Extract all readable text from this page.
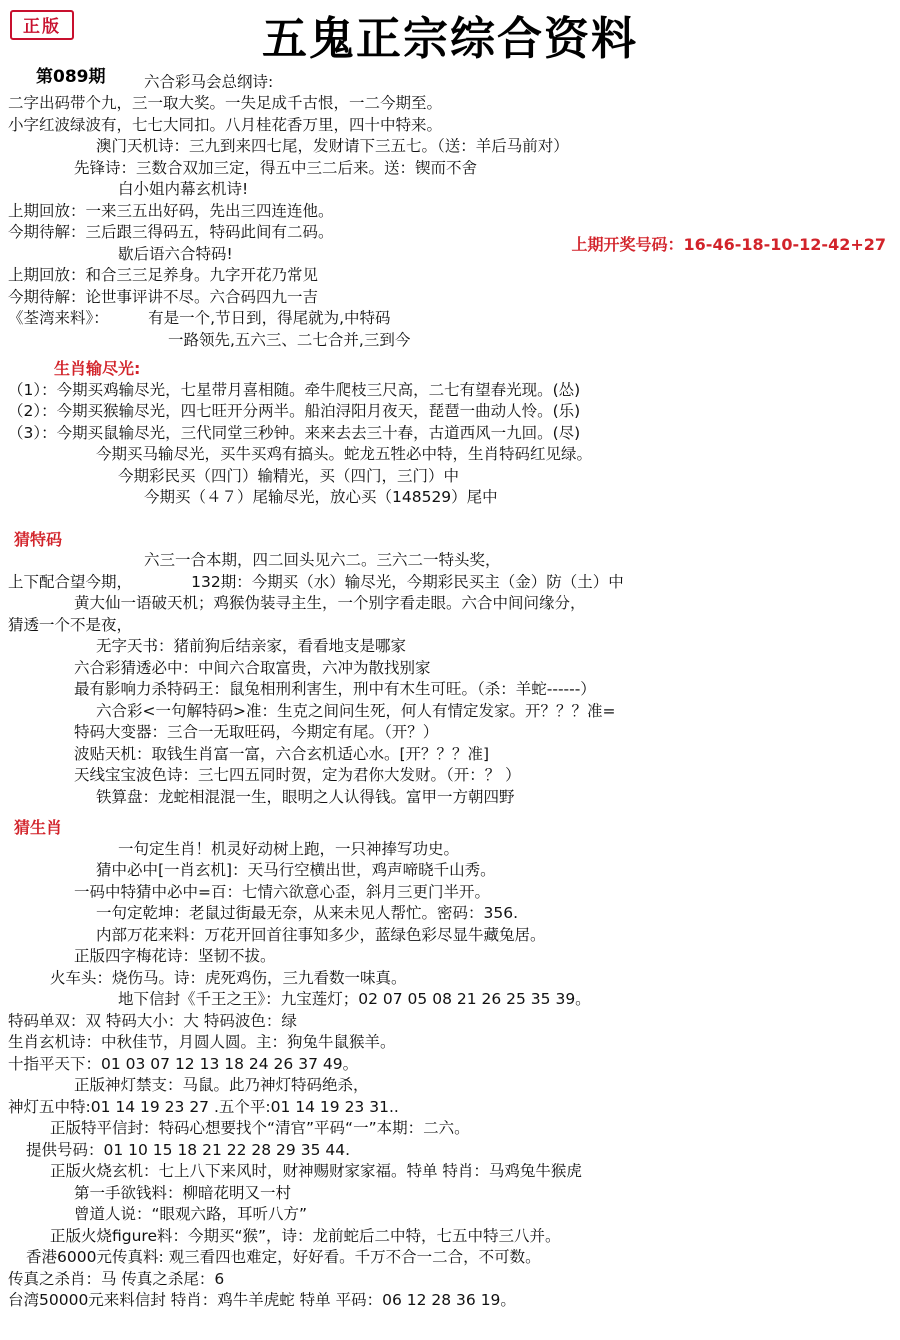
正版	五鬼正宗综合资料
第089期
上期开奖号码：16-46-18-10-12-42+27
六合彩马会总纲诗:
二字出码带个九，三一取大奖。一失足成千古恨，一二今期至。
小字红波绿波有，七七大同扣。八月桂花香万里，四十中特来。
澳门天机诗：三九到来四七尾，发财请下三五七。（送：羊后马前对）
先锋诗：三数合双加三定，得五中三二后来。送：锲而不舍
白小姐内幕玄机诗!
上期回放：一来三五出好码，先出三四连连他。
今期待解：三后跟三得码五，特码此间有二码。
歇后语六合特码!
上期回放：和合三三足养身。九字开花乃常见
今期待解：论世事评讲不尽。六合码四九一吉
《荃湾来料》：        有是一个,节日到，得尾就为,中特码
一路领先,五六三、二七合并,三到今
生肖输尽光:
（1）：今期买鸡输尽光，七星带月喜相随。牵牛爬枝三尺高，二七有望春光现。(怂)
（2）：今期买猴输尽光，四七旺开分两半。船泊浔阳月夜天，琵琶一曲动人怜。(乐)
（3）：今期买鼠输尽光，三代同堂三秒钟。来来去去三十春，古道西风一九回。(尽)
今期买马输尽光，买牛买鸡有搞头。蛇龙五牲必中特，生肖特码红见绿。
今期彩民买（四门）输精光，买（四门，三门）中
今期买（４７）尾输尽光，放心买（148529）尾中
猜特码
六三一合本期，四二回头见六二。三六二一特头奖，
上下配合望今期，            132期：今期买（水）输尽光，今期彩民买主（金）防（土）中
黄大仙一语破天机；鸡猴伪装寻主生，一个别字看走眼。六合中间问缘分，
猜透一个不是夜，
无字天书：猪前狗后结亲家，看看地支是哪家
六合彩猜透必中：中间六合取富贵，六冲为散找别家
最有影响力杀特码王：鼠兔相刑利害生，刑中有木生可旺。（杀：羊蛇------）
六合彩<一句解特码>准：生克之间问生死，何人有情定发家。开？？？准=
特码大变器：三合一无取旺码，今期定有尾。（开？）
波贴天机：取钱生肖富一富，六合玄机适心水。[开？？？准]
天线宝宝波色诗：三七四五同时贺，定为君你大发财。（开：？ ）
铁算盘：龙蛇相混混一生，眼明之人认得钱。富甲一方朝四野
猜生肖
一句定生肖！机灵好动树上跑，一只神捧写功史。
猜中必中[一肖玄机]：天马行空横出世，鸡声啼晓千山秀。
一码中特猜中必中=百：七情六欲意心歪，斜月三更门半开。
一句定乾坤：老鼠过街最无奈，从来未见人帮忙。密码：356.
内部万花来料：万花开回首往事知多少，蓝绿色彩尽显牛藏兔居。
正版四字梅花诗：坚韧不拔。
火车头：烧伤马。诗：虎死鸡伤，三九看数一味真。
地下信封《千王之王》：九宝莲灯；02 07 05 08 21 26 25 35 39。
特码单双：双 特码大小：大 特码波色：绿
生肖玄机诗：中秋佳节，月圆人圆。主：狗兔牛鼠猴羊。
十指平天下：01 03 07 12 13 18 24 26 37 49。
正版神灯禁支：马鼠。此乃神灯特码绝杀，
神灯五中特:01 14 19 23 27 .五个平:01 14 19 23 31..
正版特平信封：特码心想要找个“清官”平码“一”本期：二六。
提供号码：01 10 15 18 21 22 28 29 35 44.
正版火烧玄机：七上八下来风时，财神赐财家家福。特单 特肖：马鸡兔牛猴虎
第一手欲钱料：柳暗花明又一村
曾道人说：“眼观六路，耳听八方”
正版火烧figure料：今期买“猴”，诗：龙前蛇后二中特，七五中特三八并。
香港6000元传真料: 观三看四也难定，好好看。千万不合一二合，不可数。
传真之杀肖：马 传真之杀尾：6
台湾50000元来料信封 特肖：鸡牛羊虎蛇 特单 平码：06 12 28 36 19。
